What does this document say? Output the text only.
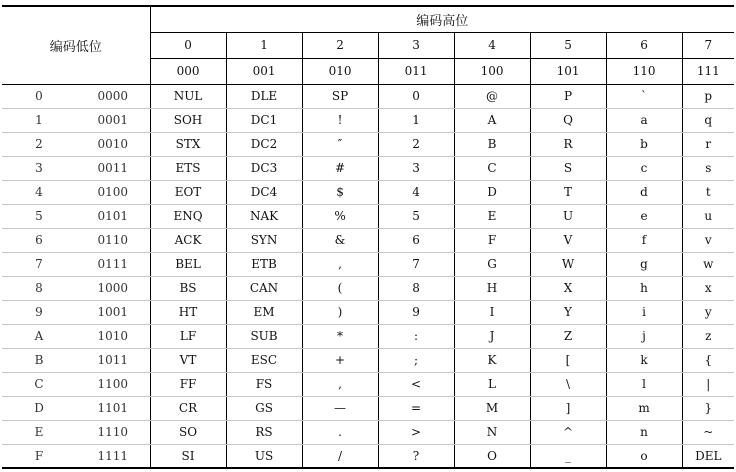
编码低位		编码高位							
		0	1	2	3	4	5	6	7
		000	001	010	011	100	101	110	111
0	0000	NUL	DLE	SP	0	@	P	`	p
1	0001	SOH	DC1	!	1	A	Q	a	q
2	0010	STX	DC2	″	2	B	R	b	r
3	0011	ETS	DC3	#	3	C	S	c	s
4	0100	EOT	DC4	$	4	D	T	d	t
5	0101	ENQ	NAK	%	5	E	U	e	u
6	0110	ACK	SYN	&	6	F	V	f	v
7	0111	BEL	ETB	,	7	G	W	g	w
8	1000	BS	CAN	(	8	H	X	h	x
9	1001	HT	EM	)	9	I	Y	i	y
A	1010	LF	SUB	*	:	J	Z	j	z
B	1011	VT	ESC	+	;	K	[	k	{
C	1100	FF	FS	,	<	L	\	l	|
D	1101	CR	GS	—	=	M	]	m	}
E	1110	SO	RS	.	>	N	^	n	~
F	1111	SI	US	/	?	O	_	o	DEL
